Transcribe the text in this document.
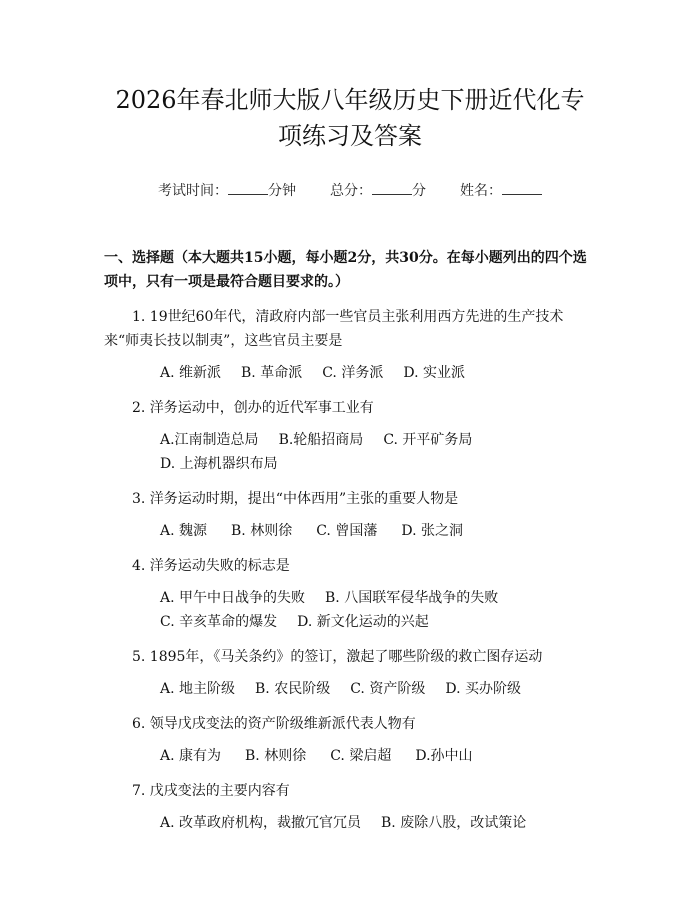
2026年春北师大版八年级历史下册近代化专
项练习及答案
考试时间：	分钟 总分：	分 姓名：
一、选择题（本大题共15小题，每小题2分，共30分。在每小题列出的四个选项中，只有一项是最符合题目要求的。）
1. 19世纪60年代，清政府内部一些官员主张利用西方先进的生产技术来“师夷长技以制夷”，这些官员主要是
A. 维新派 B. 革命派 C. 洋务派 D. 实业派
2. 洋务运动中，创办的近代军事工业有
A.江南制造总局 B.轮船招商局 C. 开平矿务局
D. 上海机器织布局
3. 洋务运动时期，提出“中体西用”主张的重要人物是
A. 魏源 B. 林则徐 C. 曾国藩 D. 张之洞
4. 洋务运动失败的标志是
A. 甲午中日战争的失败 B. 八国联军侵华战争的失败
C. 辛亥革命的爆发 D. 新文化运动的兴起
5. 1895年，《马关条约》的签订，激起了哪些阶级的救亡图存运动
A. 地主阶级 B. 农民阶级 C. 资产阶级 D. 买办阶级
6. 领导戊戌变法的资产阶级维新派代表人物有
A. 康有为 B. 林则徐 C. 梁启超 D.孙中山
7. 戊戌变法的主要内容有
A. 改革政府机构，裁撤冗官冗员 B. 废除八股，改试策论
